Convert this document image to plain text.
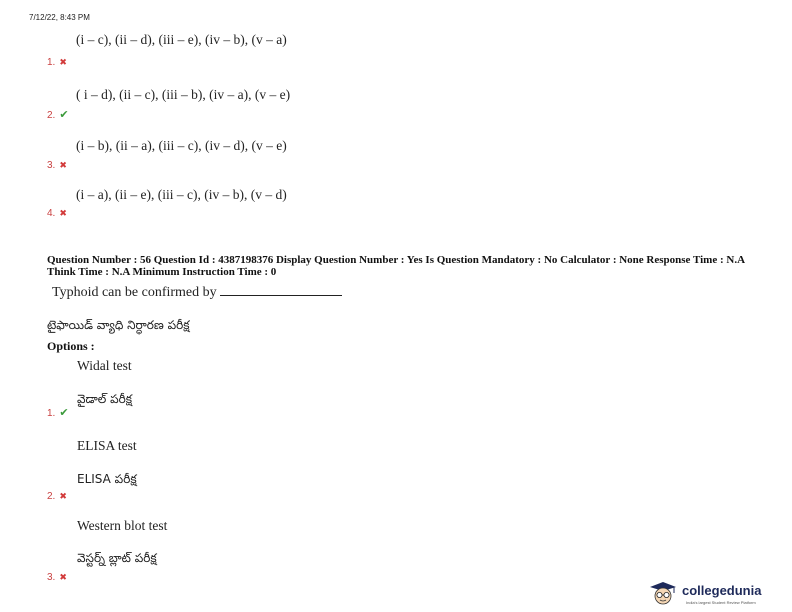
7/12/22, 8:43 PM
(i – c), (ii – d), (iii – e), (iv – b), (v – a)
1. ✖
( i – d), (ii – c), (iii – b), (iv – a), (v – e)
2. ✔
(i – b), (ii – a), (iii – c), (iv – d), (v – e)
3. ✖
(i – a), (ii – e), (iii – c), (iv – b), (v – d)
4. ✖
Question Number : 56 Question Id : 4387198376 Display Question Number : Yes Is Question Mandatory : No Calculator : None Response Time : N.A Think Time : N.A Minimum Instruction Time : 0
Typhoid can be confirmed by
టైఫాయిడ్ వ్యాధి నిర్ధారణ పరీక్ష
Options :
Widal test
వైడాల్ పరీక్ష
1. ✔
ELISA test
ELISA పరీక్ష
2. ✖
Western blot test
వెస్టర్న్ బ్లాట్ పరీక్ష
3. ✖
collegedunia
India's largest Student Review Platform
